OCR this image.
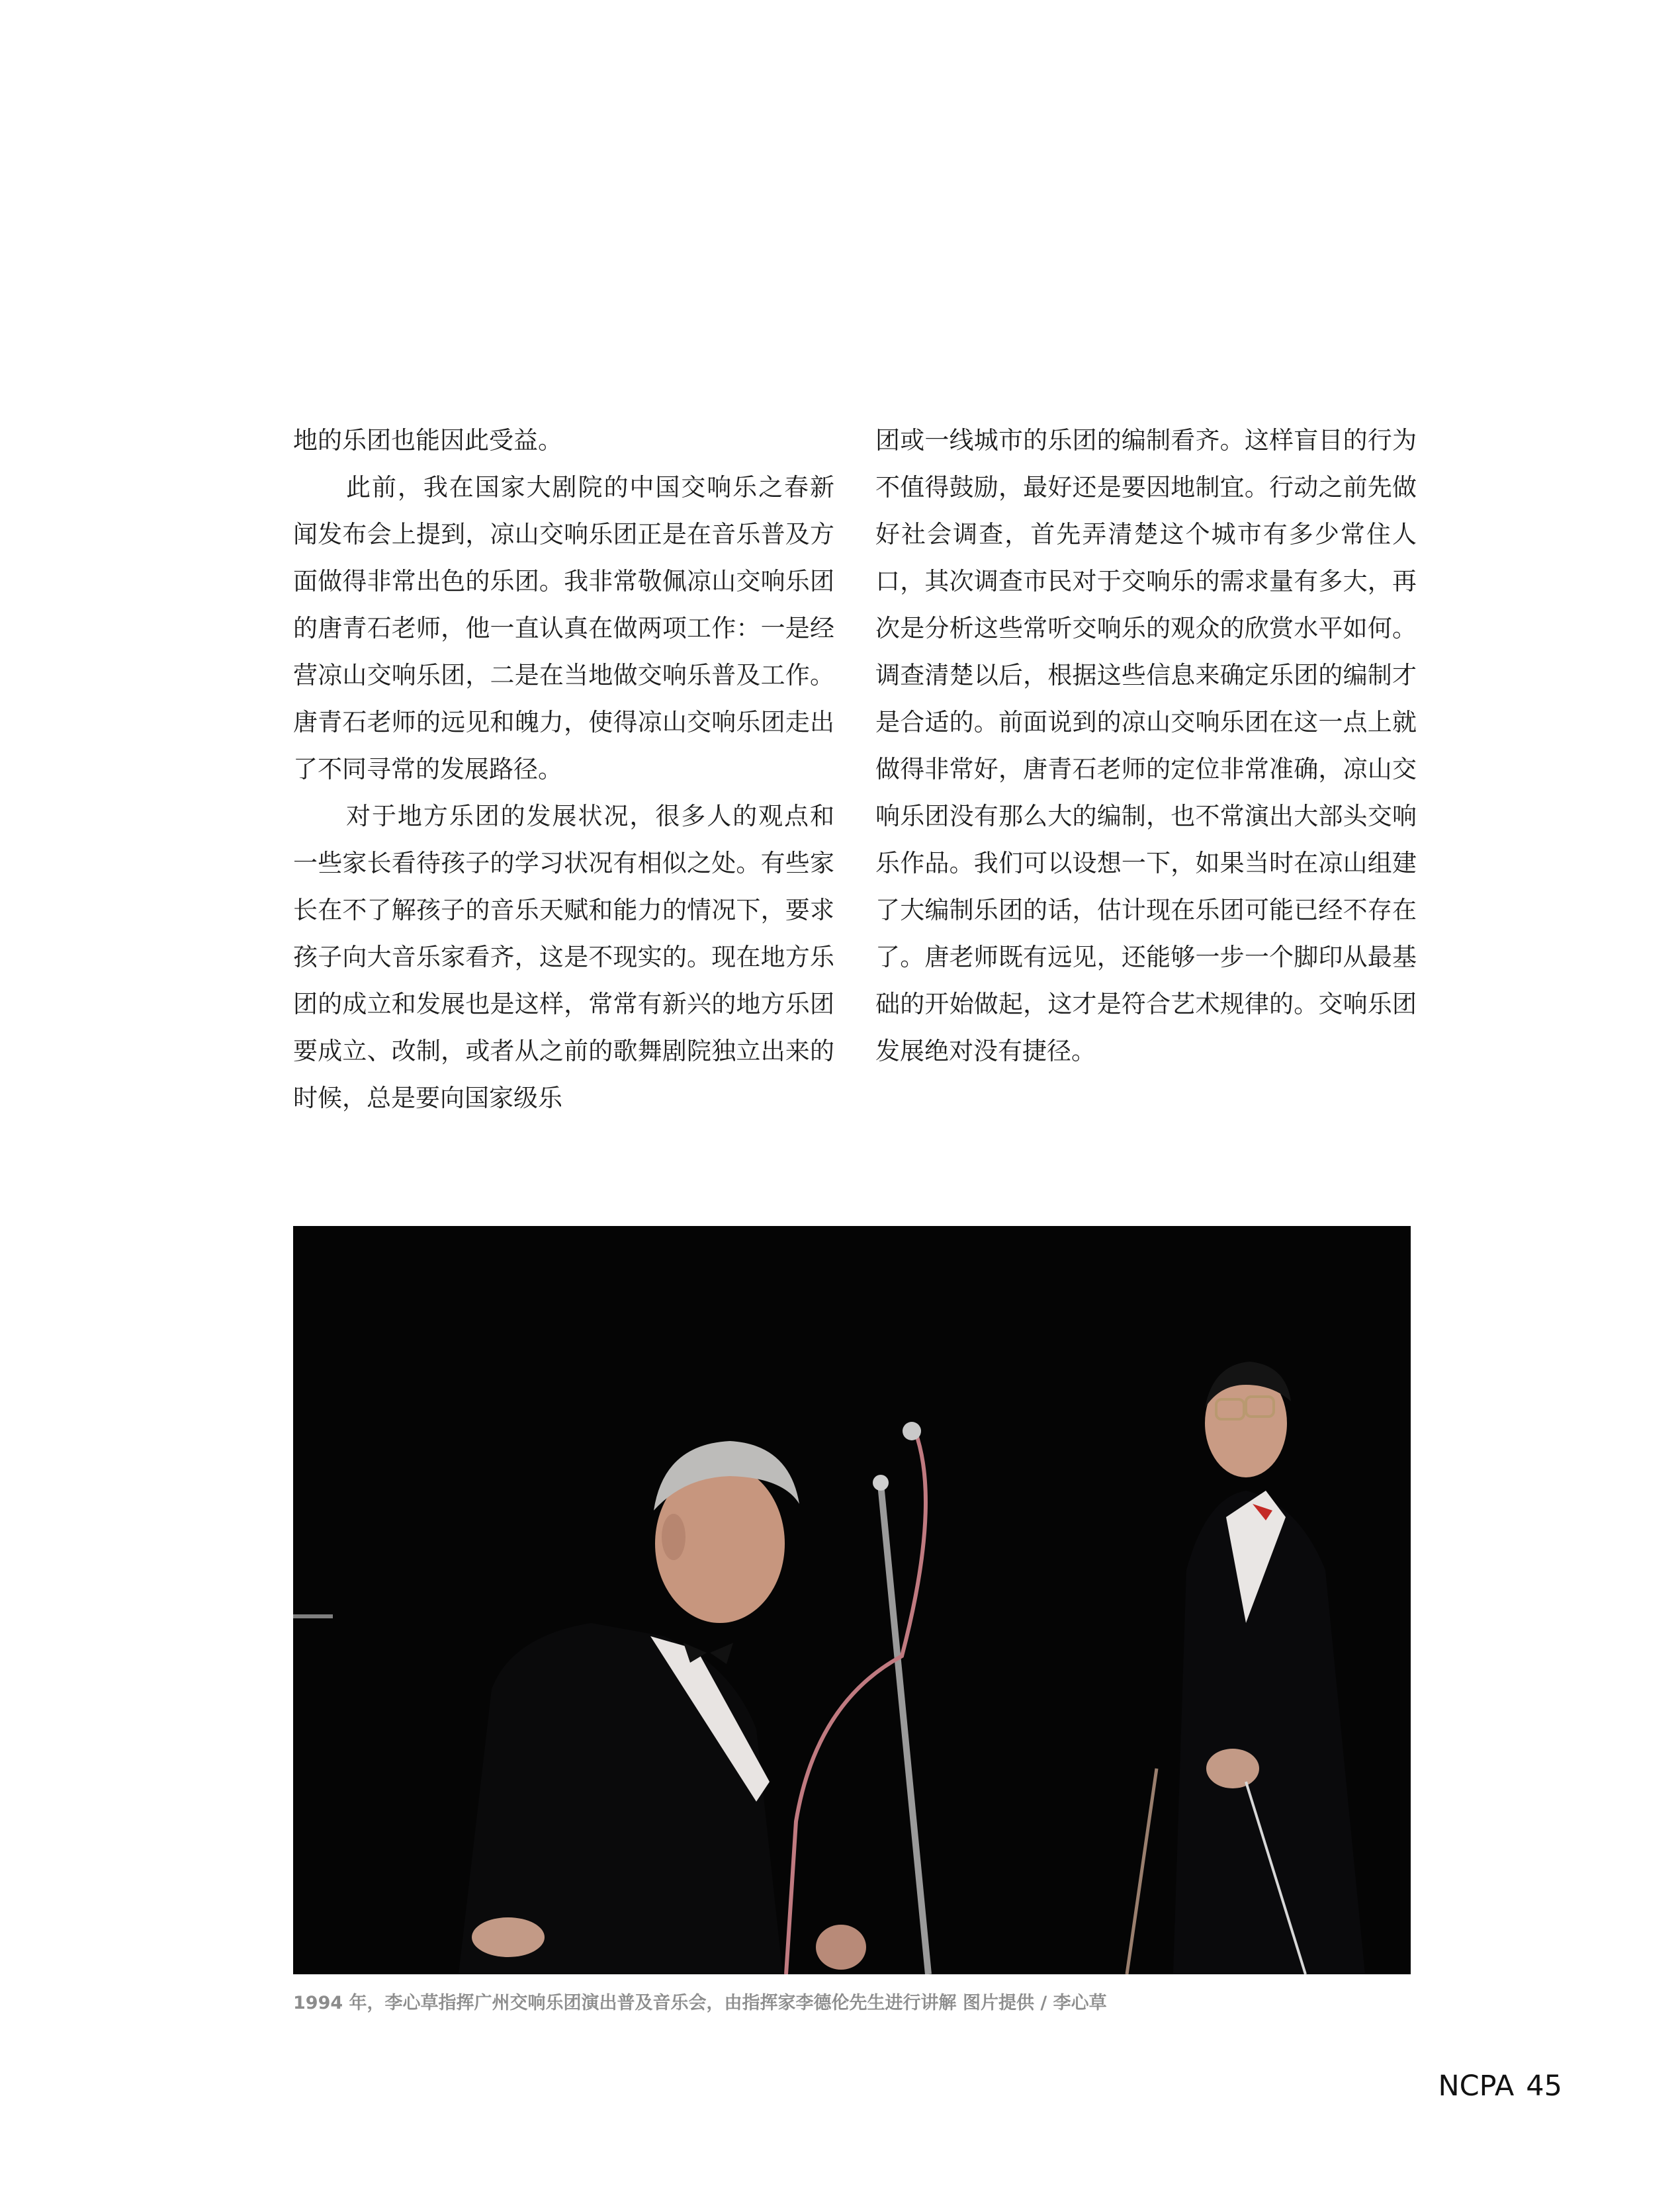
地的乐团也能因此受益。

此前，我在国家大剧院的中国交响乐之春新闻发布会上提到，凉山交响乐团正是在音乐普及方面做得非常出色的乐团。我非常敬佩凉山交响乐团的唐青石老师，他一直认真在做两项工作：一是经营凉山交响乐团，二是在当地做交响乐普及工作。唐青石老师的远见和魄力，使得凉山交响乐团走出了不同寻常的发展路径。

对于地方乐团的发展状况，很多人的观点和一些家长看待孩子的学习状况有相似之处。有些家长在不了解孩子的音乐天赋和能力的情况下，要求孩子向大音乐家看齐，这是不现实的。现在地方乐团的成立和发展也是这样，常常有新兴的地方乐团要成立、改制，或者从之前的歌舞剧院独立出来的时候，总是要向国家级乐

团或一线城市的乐团的编制看齐。这样盲目的行为不值得鼓励，最好还是要因地制宜。行动之前先做好社会调查，首先弄清楚这个城市有多少常住人口，其次调查市民对于交响乐的需求量有多大，再次是分析这些常听交响乐的观众的欣赏水平如何。调查清楚以后，根据这些信息来确定乐团的编制才是合适的。前面说到的凉山交响乐团在这一点上就做得非常好，唐青石老师的定位非常准确，凉山交响乐团没有那么大的编制，也不常演出大部头交响乐作品。我们可以设想一下，如果当时在凉山组建了大编制乐团的话，估计现在乐团可能已经不存在了。唐老师既有远见，还能够一步一个脚印从最基础的开始做起，这才是符合艺术规律的。交响乐团发展绝对没有捷径。

1994 年，李心草指挥广州交响乐团演出普及音乐会，由指挥家李德伦先生进行讲解 图片提供 / 李心草
NCPA 45
